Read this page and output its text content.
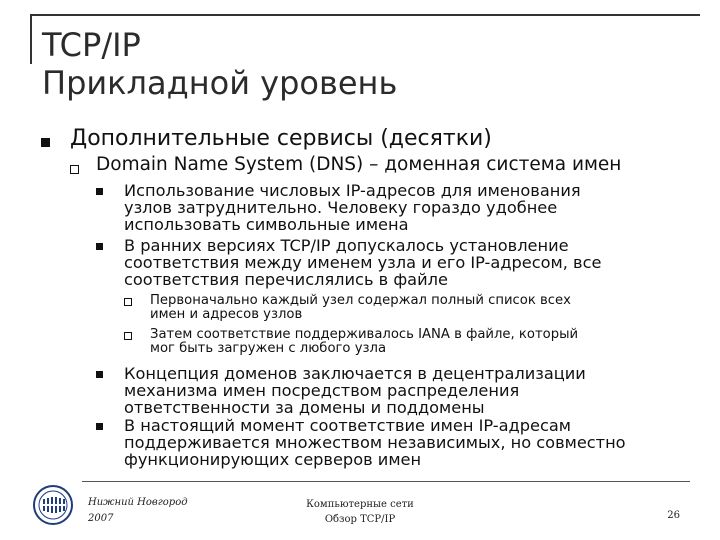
TCP/IP
Прикладной уровень
Дополнительные сервисы (десятки)
Domain Name System (DNS) – доменная система имен
Использование числовых IP-адресов для именования
узлов затруднительно. Человеку гораздо удобнее
использовать символьные имена
В ранних версиях TCP/IP допускалось установление
соответствия между именем узла и его IP-адресом, все
соответствия перечислялись в файле
Первоначально каждый узел содержал полный список всех
имен и адресов узлов
Затем соответствие поддерживалось IANA в файле, который
мог быть загружен с любого узла
Концепция доменов заключается в децентрализации
механизма имен посредством распределения
ответственности за домены и поддомены
В настоящий момент соответствие имен IP-адресам
поддерживается множеством независимых, но совместно
функционирующих серверов имен
Нижний Новгород
2007
Компьютерные сети
Обзор TCP/IP	26
